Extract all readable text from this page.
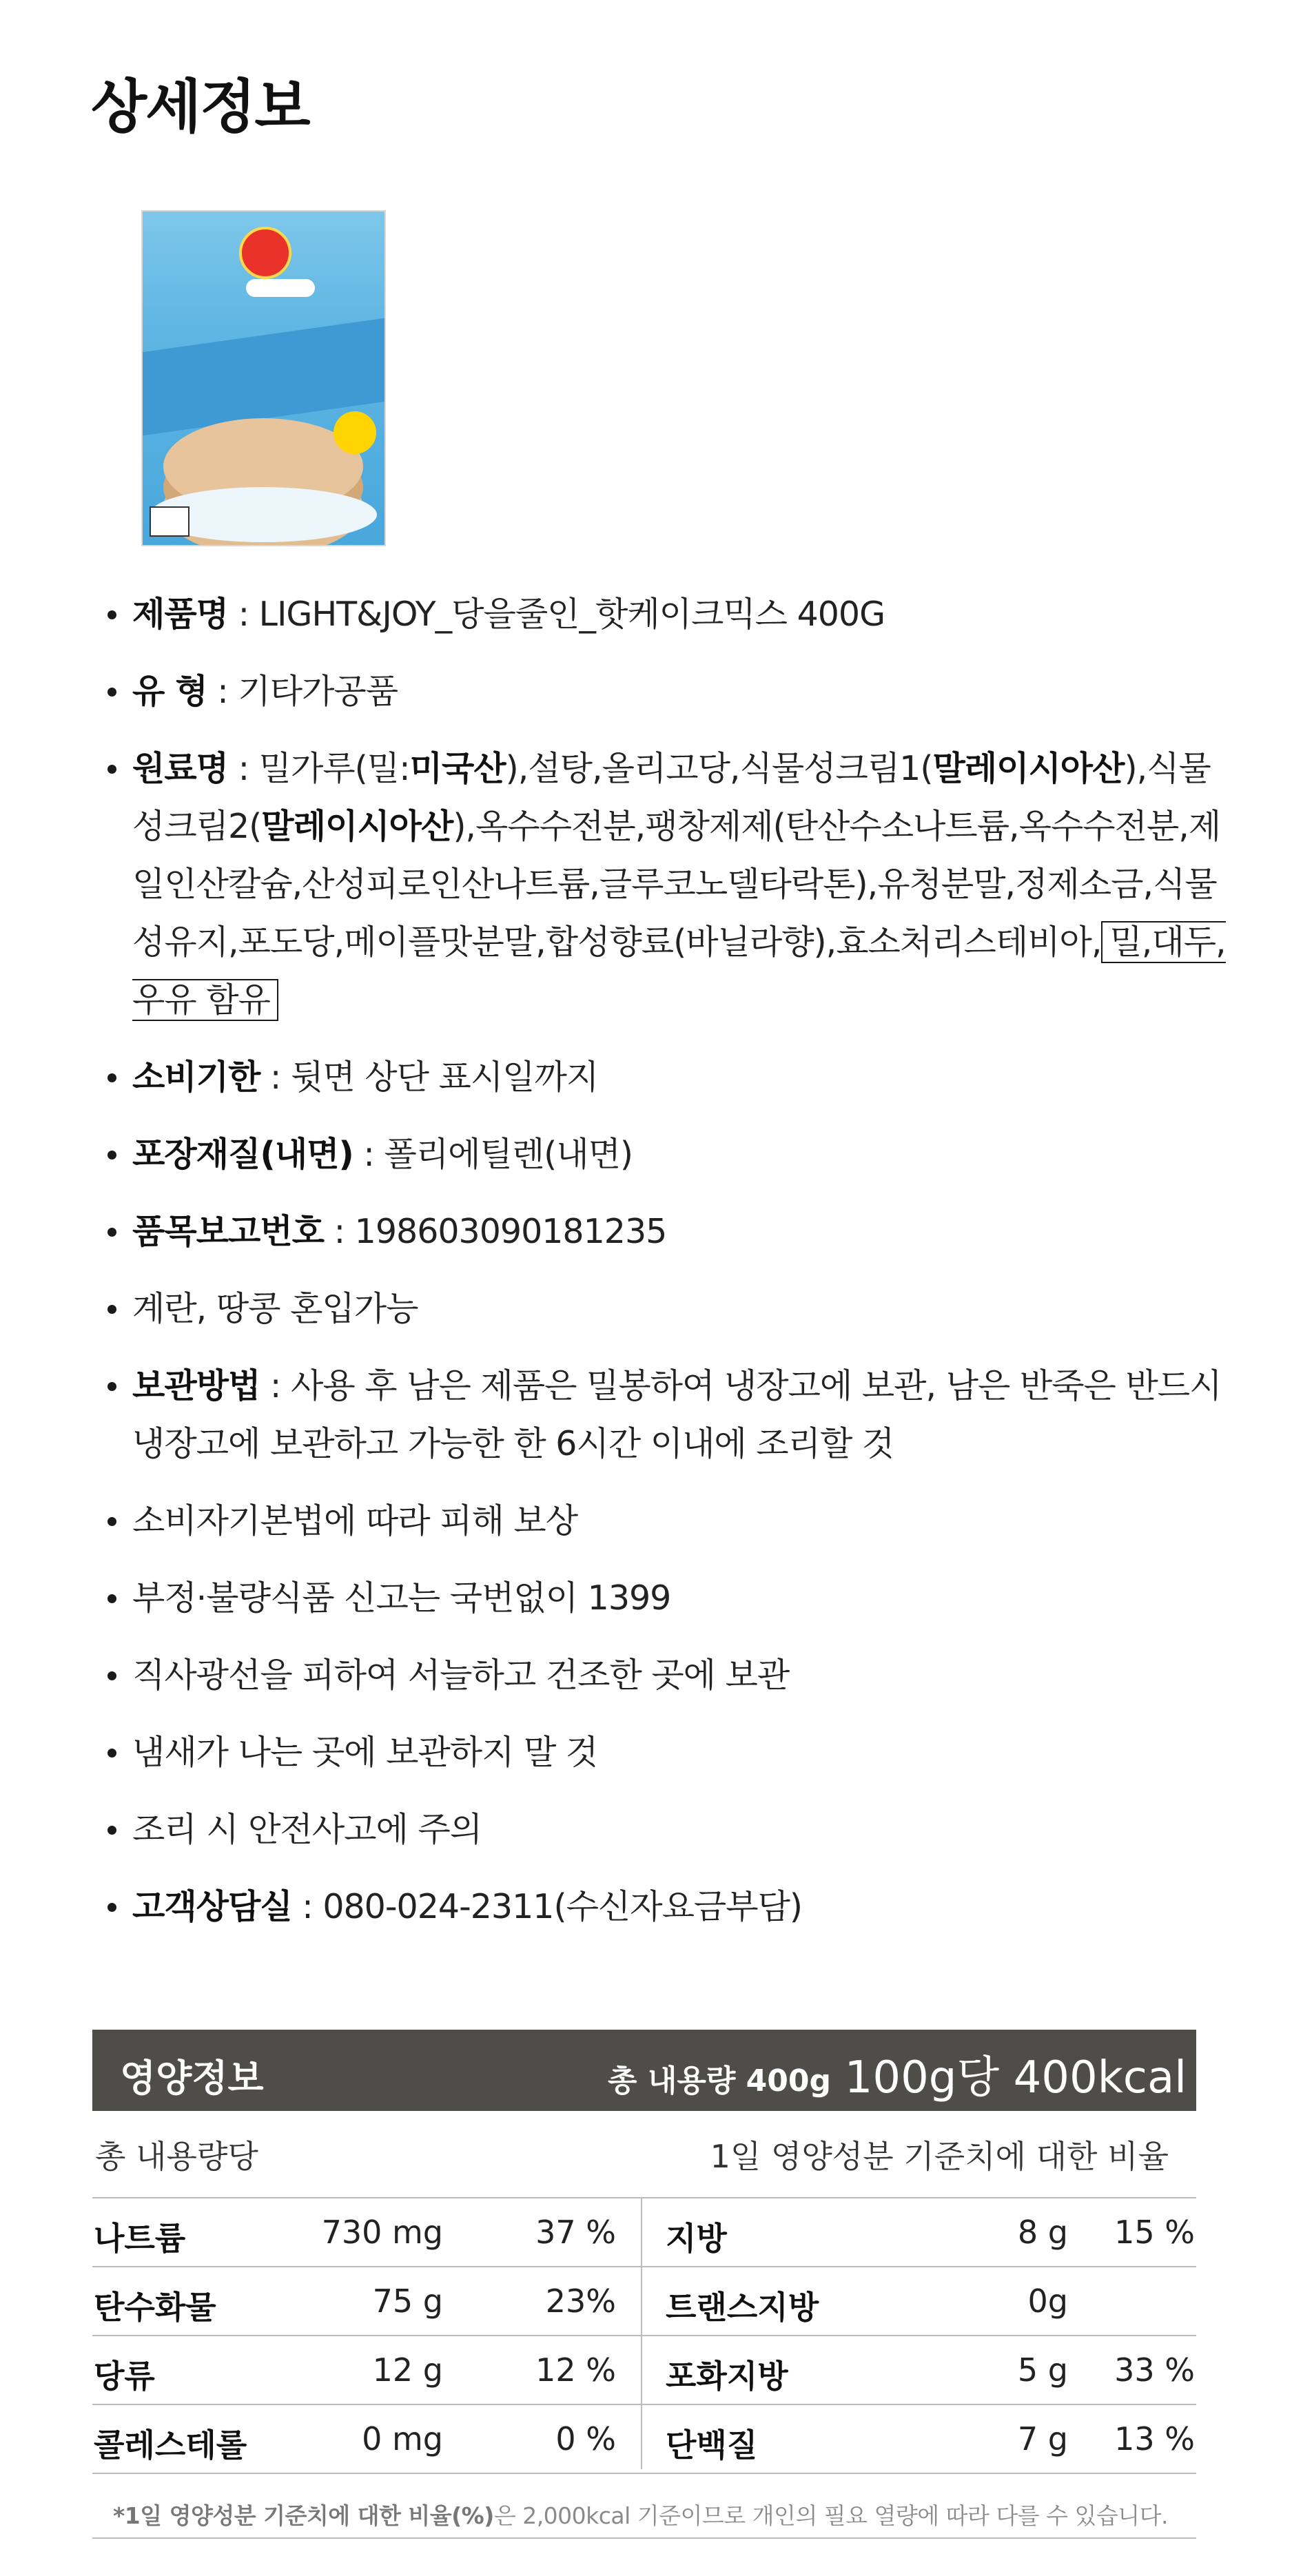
상세정보
제품명 : LIGHT&JOY_당을줄인_핫케이크믹스 400G
유 형 : 기타가공품
원료명 : 밀가루(밀:미국산),설탕,올리고당,식물성크림1(말레이시아산),식물성크림2(말레이시아산),옥수수전분,팽창제제(탄산수소나트륨,옥수수전분,제일인산칼슘,산성피로인산나트륨,글루코노델타락톤),유청분말,정제소금,식물성유지,포도당,메이플맛분말,합성향료(바닐라향),효소처리스테비아, 밀,대두,우유 함유
소비기한 : 뒷면 상단 표시일까지
포장재질(내면) : 폴리에틸렌(내면)
품목보고번호 : 198603090181235
계란, 땅콩 혼입가능
보관방법 : 사용 후 남은 제품은 밀봉하여 냉장고에 보관, 남은 반죽은 반드시 냉장고에 보관하고 가능한 한 6시간 이내에 조리할 것
소비자기본법에 따라 피해 보상
부정·불량식품 신고는 국번없이 1399
직사광선을 피하여 서늘하고 건조한 곳에 보관
냄새가 나는 곳에 보관하지 말 것
조리 시 안전사고에 주의
고객상담실 : 080-024-2311(수신자요금부담)
영양정보	총 내용량 400g 100g당 400kcal
총 내용량당	1일 영양성분 기준치에 대한 비율
나트륨	730 mg	37 % 지방	8 g 15 %
탄수화물	75 g	23% 트랜스지방	0g
당류	12 g	12 % 포화지방	5 g 33 %
콜레스테롤	0 mg	0 % 단백질	7 g 13 %
*1일 영양성분 기준치에 대한 비율(%)은 2,000kcal 기준이므로 개인의 필요 열량에 따라 다를 수 있습니다.
